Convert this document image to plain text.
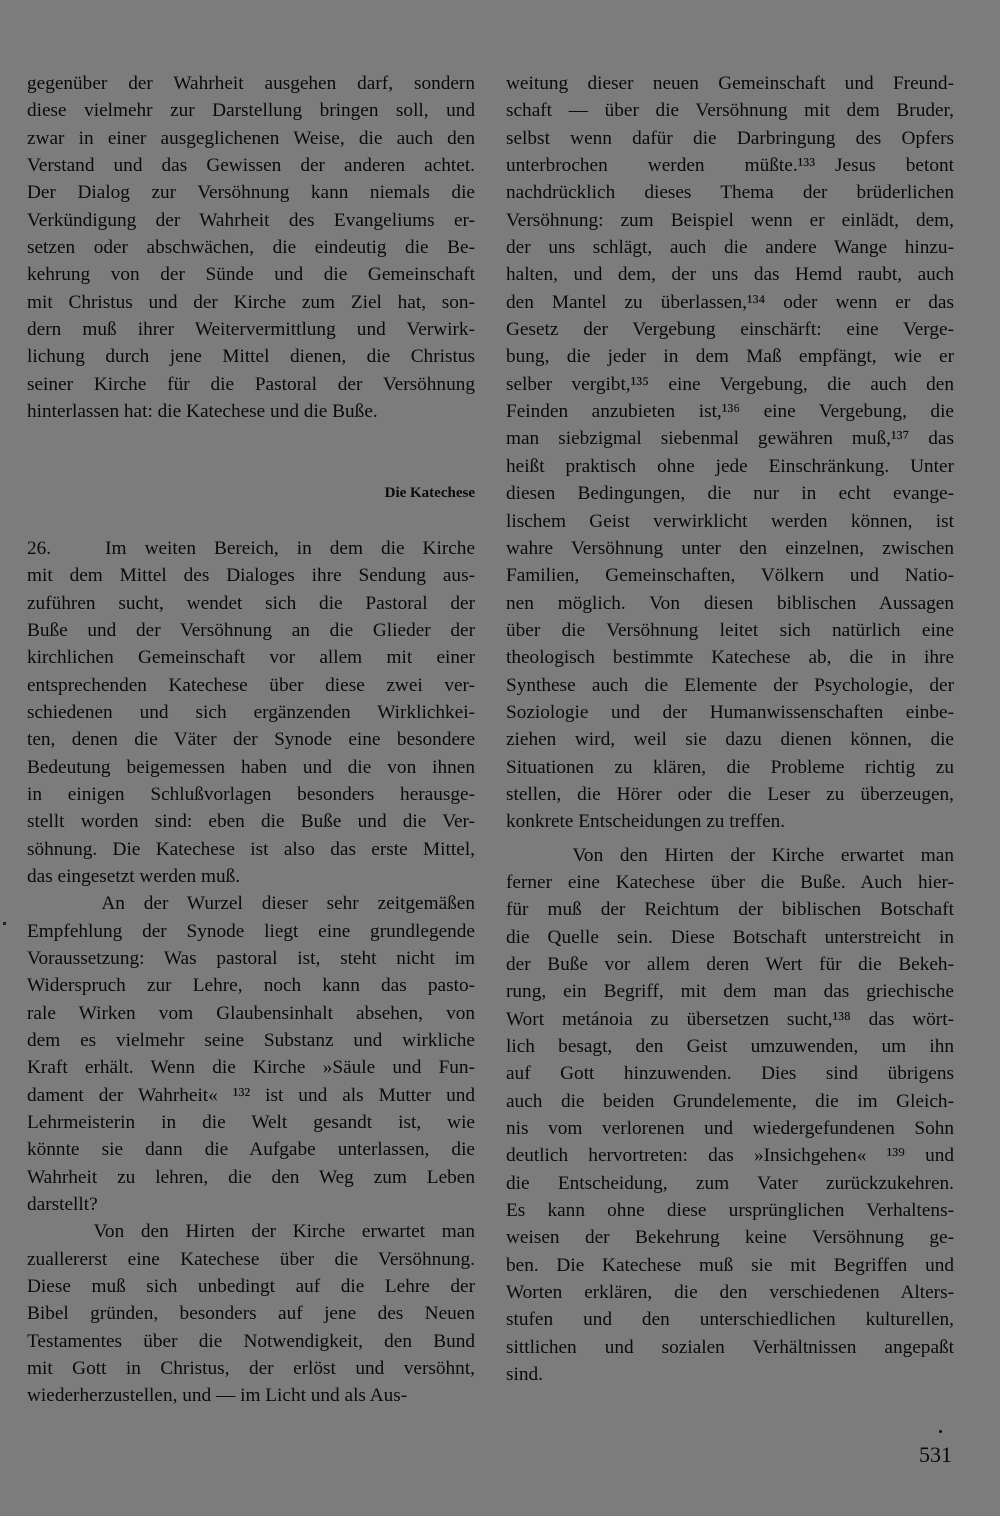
gegenüber der Wahrheit ausgehen darf, sondern
diese vielmehr zur Darstellung bringen soll, und
zwar in einer ausgeglichenen Weise, die auch den
Verstand und das Gewissen der anderen achtet.
Der Dialog zur Versöhnung kann niemals die
Verkündigung der Wahrheit des Evangeliums er-
setzen oder abschwächen, die eindeutig die Be-
kehrung von der Sünde und die Gemeinschaft
mit Christus und der Kirche zum Ziel hat, son-
dern muß ihrer Weitervermittlung und Verwirk-
lichung durch jene Mittel dienen, die Christus
seiner Kirche für die Pastoral der Versöhnung
hinterlassen hat: die Katechese und die Buße.
Die Katechese
26.   Im weiten Bereich, in dem die Kirche
mit dem Mittel des Dialoges ihre Sendung aus-
zuführen sucht, wendet sich die Pastoral der
Buße und der Versöhnung an die Glieder der
kirchlichen Gemeinschaft vor allem mit einer
entsprechenden Katechese über diese zwei ver-
schiedenen und sich ergänzenden Wirklichkei-
ten, denen die Väter der Synode eine besondere
Bedeutung beigemessen haben und die von ihnen
in einigen Schlußvorlagen besonders herausge-
stellt worden sind: eben die Buße und die Ver-
söhnung. Die Katechese ist also das erste Mittel,
das eingesetzt werden muß.
An der Wurzel dieser sehr zeitgemäßen
Empfehlung der Synode liegt eine grundlegende
Voraussetzung: Was pastoral ist, steht nicht im
Widerspruch zur Lehre, noch kann das pasto-
rale Wirken vom Glaubensinhalt absehen, von
dem es vielmehr seine Substanz und wirkliche
Kraft erhält. Wenn die Kirche »Säule und Fun-
dament der Wahrheit« ¹³² ist und als Mutter und
Lehrmeisterin in die Welt gesandt ist, wie
könnte sie dann die Aufgabe unterlassen, die
Wahrheit zu lehren, die den Weg zum Leben
darstellt?
Von den Hirten der Kirche erwartet man
zuallererst eine Katechese über die Versöhnung.
Diese muß sich unbedingt auf die Lehre der
Bibel gründen, besonders auf jene des Neuen
Testamentes über die Notwendigkeit, den Bund
mit Gott in Christus, der erlöst und versöhnt,
wiederherzustellen, und — im Licht und als Aus-
weitung dieser neuen Gemeinschaft und Freund-
schaft — über die Versöhnung mit dem Bruder,
selbst wenn dafür die Darbringung des Opfers
unterbrochen    werden    müßte.¹³³  Jesus   betont
nachdrücklich dieses Thema der brüderlichen
Versöhnung: zum Beispiel wenn er einlädt, dem,
der uns schlägt, auch die andere Wange hinzu-
halten, und dem, der uns das Hemd raubt, auch
den Mantel zu überlassen,¹³⁴ oder wenn er das
Gesetz der Vergebung einschärft: eine Verge-
bung, die jeder in dem Maß empfängt, wie er
selber vergibt,¹³⁵ eine Vergebung, die auch den
Feinden anzubieten ist,¹³⁶ eine Vergebung, die
man siebzigmal siebenmal gewähren muß,¹³⁷ das
heißt praktisch ohne jede Einschränkung. Unter
diesen Bedingungen, die nur in echt evange-
lischem Geist verwirklicht werden können, ist
wahre Versöhnung unter den einzelnen, zwischen
Familien, Gemeinschaften, Völkern und Natio-
nen möglich. Von diesen biblischen Aussagen
über die Versöhnung leitet sich natürlich eine
theologisch bestimmte Katechese ab, die in ihre
Synthese auch die Elemente der Psychologie, der
Soziologie und der Humanwissenschaften einbe-
ziehen wird, weil sie dazu dienen können, die
Situationen zu klären, die Probleme richtig zu
stellen, die Hörer oder die Leser zu überzeugen,
konkrete Entscheidungen zu treffen.
Von den Hirten der Kirche erwartet man
ferner eine Katechese über die Buße. Auch hier-
für muß der Reichtum der biblischen Botschaft
die Quelle sein. Diese Botschaft unterstreicht in
der Buße vor allem deren Wert für die Bekeh-
rung, ein Begriff, mit dem man das griechische
Wort metánoia zu übersetzen sucht,¹³⁸ das wört-
lich besagt, den Geist umzuwenden, um ihn
auf Gott hinzuwenden. Dies sind übrigens
auch die beiden Grundelemente, die im Gleich-
nis vom verlorenen und wiedergefundenen Sohn
deutlich hervortreten: das »Insichgehen« ¹³⁹ und
die Entscheidung, zum Vater zurückzukehren.
Es kann ohne diese ursprünglichen Verhaltens-
weisen der Bekehrung keine Versöhnung ge-
ben. Die Katechese muß sie mit Begriffen und
Worten erklären, die den verschiedenen Alters-
stufen und den unterschiedlichen kulturellen,
sittlichen und sozialen Verhältnissen angepaßt
sind.
531
